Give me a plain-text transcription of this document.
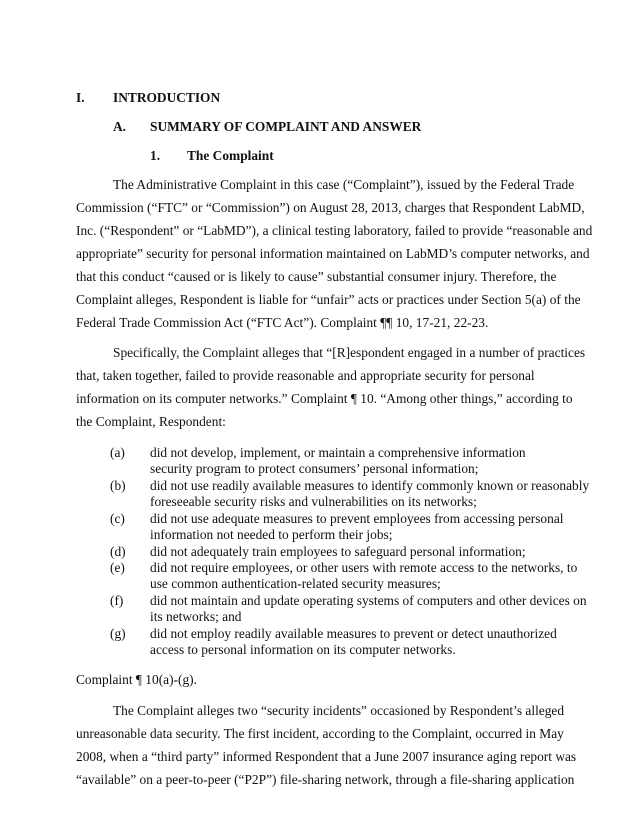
I. INTRODUCTION
A. SUMMARY OF COMPLAINT AND ANSWER
1. The Complaint
The Administrative Complaint in this case (“Complaint”), issued by the Federal Trade
Commission (“FTC” or “Commission”) on August 28, 2013, charges that Respondent LabMD,
Inc. (“Respondent” or “LabMD”), a clinical testing laboratory, failed to provide “reasonable and
appropriate” security for personal information maintained on LabMD’s computer networks, and
that this conduct “caused or is likely to cause” substantial consumer injury. Therefore, the
Complaint alleges, Respondent is liable for “unfair” acts or practices under Section 5(a) of the
Federal Trade Commission Act (“FTC Act”). Complaint ¶¶ 10, 17-21, 22-23.
Specifically, the Complaint alleges that “[R]espondent engaged in a number of practices
that, taken together, failed to provide reasonable and appropriate security for personal
information on its computer networks.” Complaint ¶ 10. “Among other things,” according to
the Complaint, Respondent:
(a) did not develop, implement, or maintain a comprehensive information
security program to protect consumers’ personal information;
(b) did not use readily available measures to identify commonly known or reasonably
foreseeable security risks and vulnerabilities on its networks;
(c) did not use adequate measures to prevent employees from accessing personal
information not needed to perform their jobs;
(d) did not adequately train employees to safeguard personal information;
(e) did not require employees, or other users with remote access to the networks, to
use common authentication-related security measures;
(f) did not maintain and update operating systems of computers and other devices on
its networks; and
(g) did not employ readily available measures to prevent or detect unauthorized
access to personal information on its computer networks.
Complaint ¶ 10(a)-(g).
The Complaint alleges two “security incidents” occasioned by Respondent’s alleged
unreasonable data security. The first incident, according to the Complaint, occurred in May
2008, when a “third party” informed Respondent that a June 2007 insurance aging report was
“available” on a peer-to-peer (“P2P”) file-sharing network, through a file-sharing application
